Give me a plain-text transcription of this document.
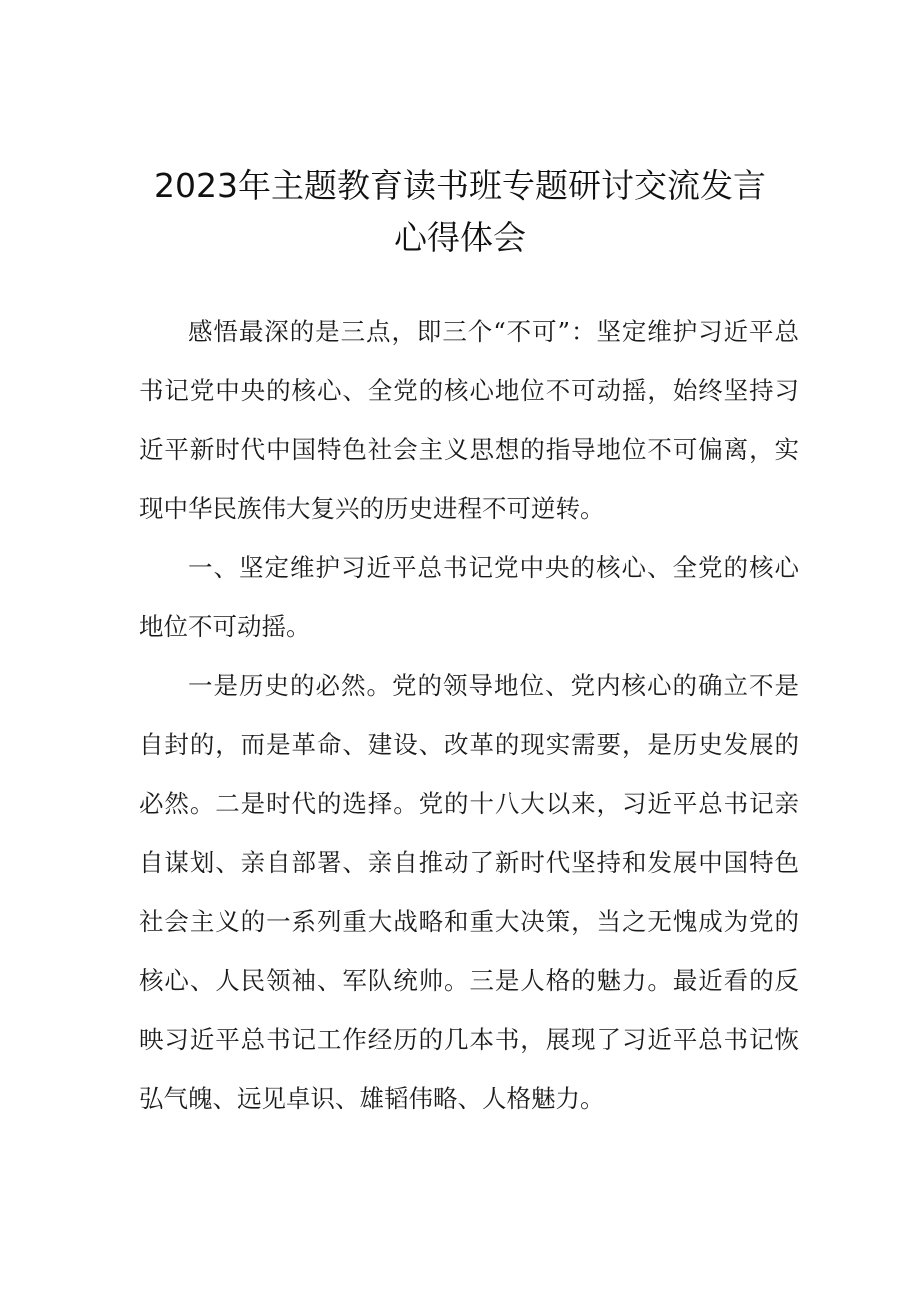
2023年主题教育读书班专题研讨交流发言
心得体会

感悟最深的是三点，即三个“不可”：坚定维护习近平总书记党中央的核心、全党的核心地位不可动摇，始终坚持习近平新时代中国特色社会主义思想的指导地位不可偏离，实现中华民族伟大复兴的历史进程不可逆转。

一、坚定维护习近平总书记党中央的核心、全党的核心地位不可动摇。

一是历史的必然。党的领导地位、党内核心的确立不是自封的，而是革命、建设、改革的现实需要，是历史发展的必然。二是时代的选择。党的十八大以来，习近平总书记亲自谋划、亲自部署、亲自推动了新时代坚持和发展中国特色社会主义的一系列重大战略和重大决策，当之无愧成为党的核心、人民领袖、军队统帅。三是人格的魅力。最近看的反映习近平总书记工作经历的几本书，展现了习近平总书记恢弘气魄、远见卓识、雄韬伟略、人格魅力。
